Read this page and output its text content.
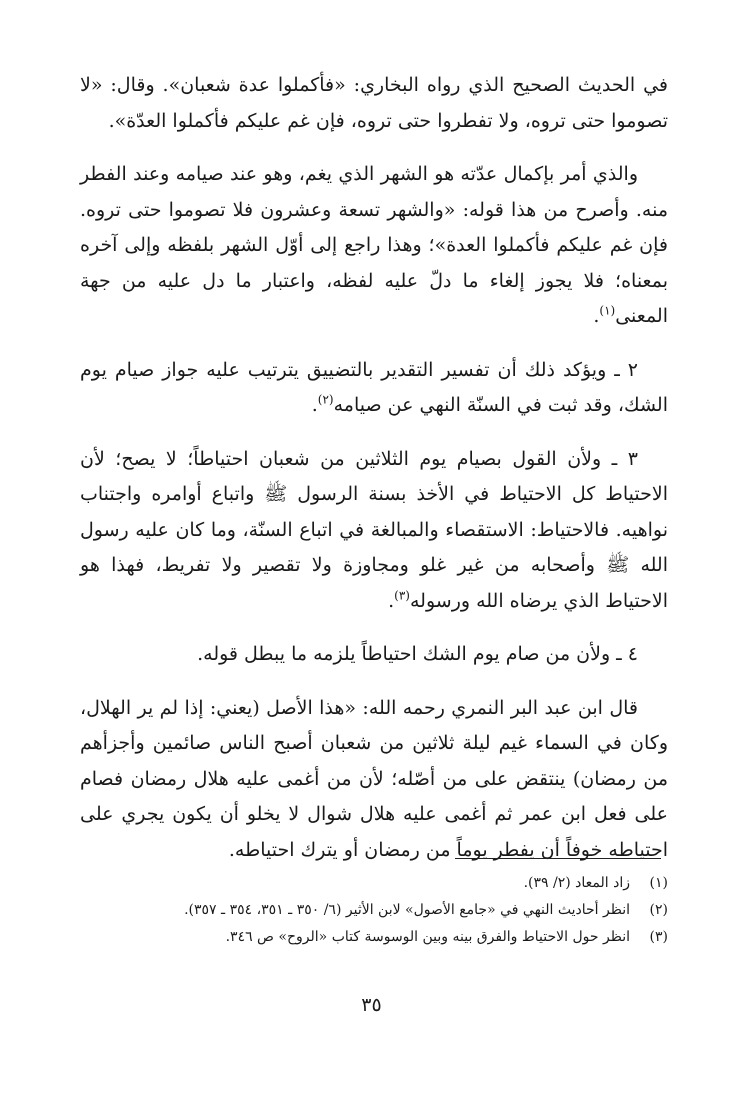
في الحديث الصحيح الذي رواه البخاري: «فأكملوا عدة شعبان». وقال: «لا تصوموا حتى تروه، ولا تفطروا حتى تروه، فإن غم عليكم فأكملوا العدّة».

والذي أمر بإكمال عدّته هو الشهر الذي يغم، وهو عند صيامه وعند الفطر منه. وأصرح من هذا قوله: «والشهر تسعة وعشرون فلا تصوموا حتى تروه. فإن غم عليكم فأكملوا العدة»؛ وهذا راجع إلى أوّل الشهر بلفظه وإلى آخره بمعناه؛ فلا يجوز إلغاء ما دلّ عليه لفظه، واعتبار ما دل عليه من جهة المعنى$^{(١)}$.

٢ ـ ويؤكد ذلك أن تفسير التقدير بالتضييق يترتيب عليه جواز صيام يوم الشك، وقد ثبت في السنّة النهي عن صيامه$^{(٢)}$.

٣ ـ ولأن القول بصيام يوم الثلاثين من شعبان احتياطاً؛ لا يصح؛ لأن الاحتياط كل الاحتياط في الأخذ بسنة الرسول ﷺ واتباع أوامره واجتناب نواهيه. فالاحتياط: الاستقصاء والمبالغة في اتباع السنّة، وما كان عليه رسول الله ﷺ وأصحابه من غير غلو ومجاوزة ولا تقصير ولا تفريط، فهذا هو الاحتياط الذي يرضاه الله ورسوله$^{(٣)}$.

٤ ـ ولأن من صام يوم الشك احتياطاً يلزمه ما يبطل قوله.

قال ابن عبد البر النمري رحمه الله: «هذا الأصل (يعني: إذا لم ير الهلال، وكان في السماء غيم ليلة ثلاثين من شعبان أصبح الناس صائمين وأجزأهم من رمضان) ينتقض على من أصّله؛ لأن من أغمى عليه هلال رمضان فصام على فعل ابن عمر ثم أغمى عليه هلال شوال لا يخلو أن يكون يجري على احتياطه خوفاً أن يفطر يوماً من رمضان أو يترك احتياطه.

(١)
زاد المعاد (٢/ ٣٩).
(٢)
انظر أحاديث النهي في «جامع الأصول» لابن الأثير (٦/ ٣٥٠ ـ ٣٥١، ٣٥٤ ـ ٣٥٧).
(٣)
انظر حول الاحتياط والفرق بينه وبين الوسوسة كتاب «الروح» ص ٣٤٦.
٣٥
